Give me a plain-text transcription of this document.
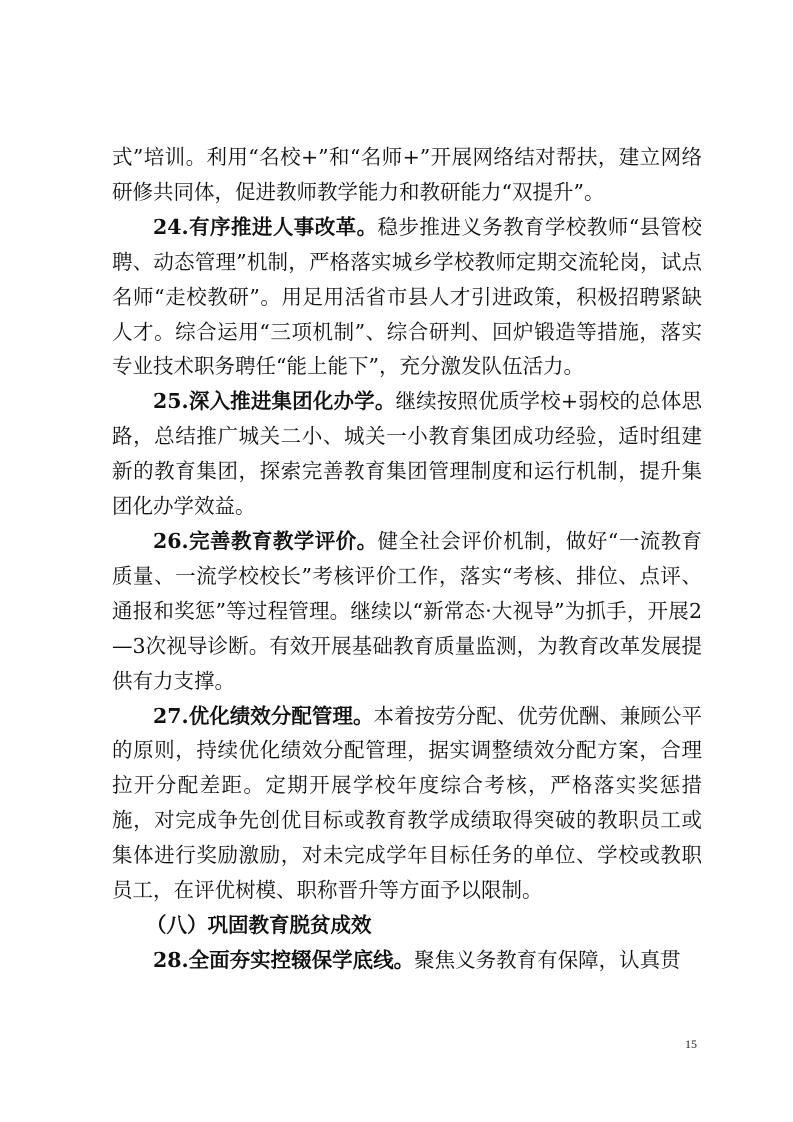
式”培训。利用“名校+”和“名师+”开展网络结对帮扶，建立网络研修共同体，促进教师教学能力和教研能力“双提升”。

24.有序推进人事改革。稳步推进义务教育学校教师“县管校聘、动态管理”机制，严格落实城乡学校教师定期交流轮岗，试点名师“走校教研”。用足用活省市县人才引进政策，积极招聘紧缺人才。综合运用“三项机制”、综合研判、回炉锻造等措施，落实专业技术职务聘任“能上能下”，充分激发队伍活力。

25.深入推进集团化办学。继续按照优质学校+弱校的总体思路，总结推广城关二小、城关一小教育集团成功经验，适时组建新的教育集团，探索完善教育集团管理制度和运行机制，提升集团化办学效益。

26.完善教育教学评价。健全社会评价机制，做好“一流教育质量、一流学校校长”考核评价工作，落实“考核、排位、点评、通报和奖惩”等过程管理。继续以“新常态·大视导”为抓手，开展2—3次视导诊断。有效开展基础教育质量监测，为教育改革发展提供有力支撑。

27.优化绩效分配管理。本着按劳分配、优劳优酬、兼顾公平的原则，持续优化绩效分配管理，据实调整绩效分配方案，合理拉开分配差距。定期开展学校年度综合考核，严格落实奖惩措施，对完成争先创优目标或教育教学成绩取得突破的教职员工或集体进行奖励激励，对未完成学年目标任务的单位、学校或教职员工，在评优树模、职称晋升等方面予以限制。

（八）巩固教育脱贫成效

28.全面夯实控辍保学底线。聚焦义务教育有保障，认真贯

15
